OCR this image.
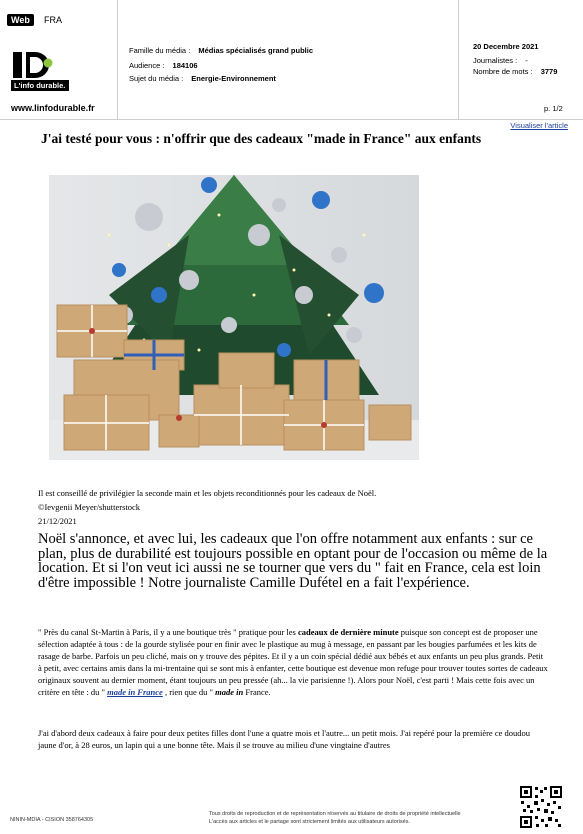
Web	FRA
L'info durable.
www.linfodurable.fr
Famille du média : Médias spécialisés grand public
Audience : 184106
Sujet du média : Energie-Environnement
20 Decembre 2021
Journalistes : -
Nombre de mots : 3779
p. 1/2
Visualiser l'article
J'ai testé pour vous : n'offrir que des cadeaux "made in France" aux enfants
Il est conseillé de privilégier la seconde main et les objets reconditionnés pour les cadeaux de Noël.
©Ievgenii Meyer/shutterstock
21/12/2021

Noël s'annonce, et avec lui, les cadeaux que l'on offre notamment aux enfants : sur ce plan, plus de durabilité est toujours possible en optant pour de l'occasion ou même de la location. Et si l'on veut ici aussi ne se tourner que vers du " fait en France, cela est loin d'être impossible ! Notre journaliste Camille Dufétel en a fait l'expérience.

" Près du canal St-Martin à Paris, il y a une boutique très " pratique pour les cadeaux de dernière minute puisque son concept est de proposer une sélection adaptée à tous : de la gourde stylisée pour en finir avec le plastique au mug à message, en passant par les bougies parfumées et les kits de rasage de barbe. Parfois un peu cliché, mais on y trouve des pépites. Et il y a un coin spécial dédié aux bébés et aux enfants un peu plus grands. Petit à petit, avec certains amis dans la mi-trentaine qui se sont mis à enfanter, cette boutique est devenue mon refuge pour trouver toutes sortes de cadeaux originaux souvent au dernier moment, étant toujours un peu pressée (ah... la vie parisienne !). Alors pour Noël, c'est parti ! Mais cette fois avec un critère en tête : du " made in France , rien que du " made in France.

J'ai d'abord deux cadeaux à faire pour deux petites filles dont l'une a quatre mois et l'autre... un petit mois. J'ai repéré pour la première ce doudou jaune d'or, à 28 euros, un lapin qui a une bonne tête. Mais il se trouve au milieu d'une vingtaine d'autres

NININ-MDIA - CISION 358764305
Tous droits de reproduction et de représentation réservés au titulaire de droits de propriété intellectuelle
L'accès aux articles et le partage sont strictement limités aux utilisateurs autorisés.
